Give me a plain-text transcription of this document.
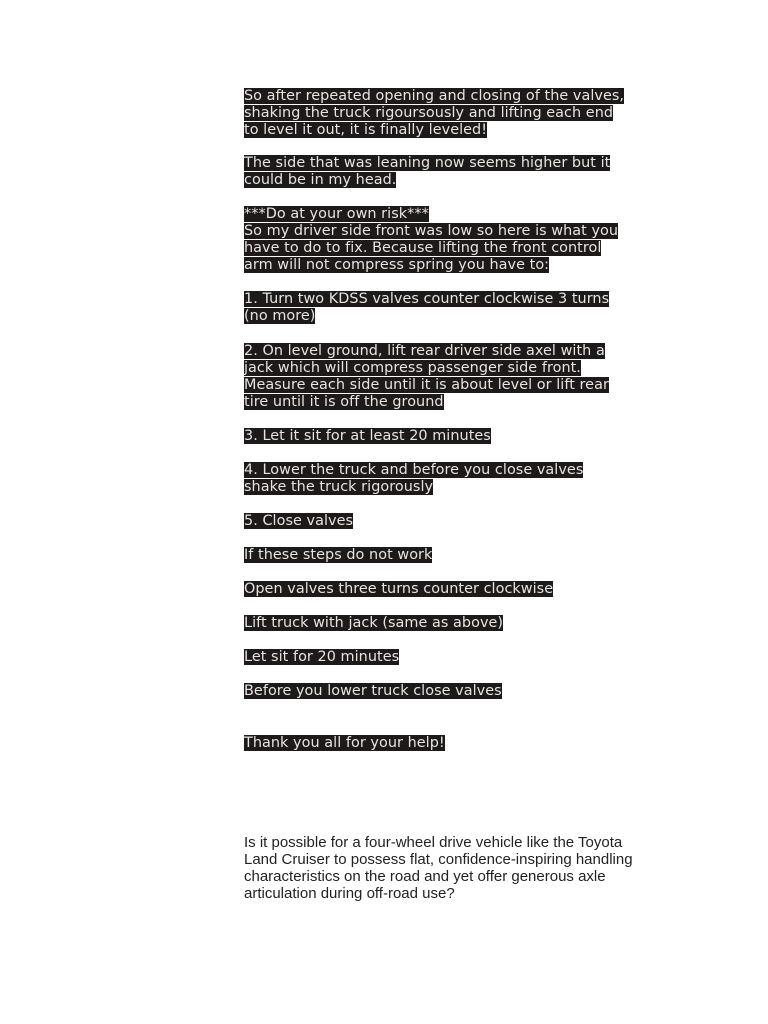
So after repeated opening and closing of the valves,
shaking the truck rigoursously and lifting each end
to level it out, it is finally leveled!
The side that was leaning now seems higher but it
could be in my head.
***Do at your own risk***
So my driver side front was low so here is what you
have to do to fix. Because lifting the front control
arm will not compress spring you have to:
1. Turn two KDSS valves counter clockwise 3 turns
(no more)
2. On level ground, lift rear driver side axel with a
jack which will compress passenger side front.
Measure each side until it is about level or lift rear
tire until it is off the ground
3. Let it sit for at least 20 minutes
4. Lower the truck and before you close valves
shake the truck rigorously
5. Close valves
If these steps do not work
Open valves three turns counter clockwise
Lift truck with jack (same as above)
Let sit for 20 minutes
Before you lower truck close valves
Thank you all for your help!
Is it possible for a four-wheel drive vehicle like the Toyota
Land Cruiser to possess flat, confidence-inspiring handling
characteristics on the road and yet offer generous axle
articulation during off-road use?
